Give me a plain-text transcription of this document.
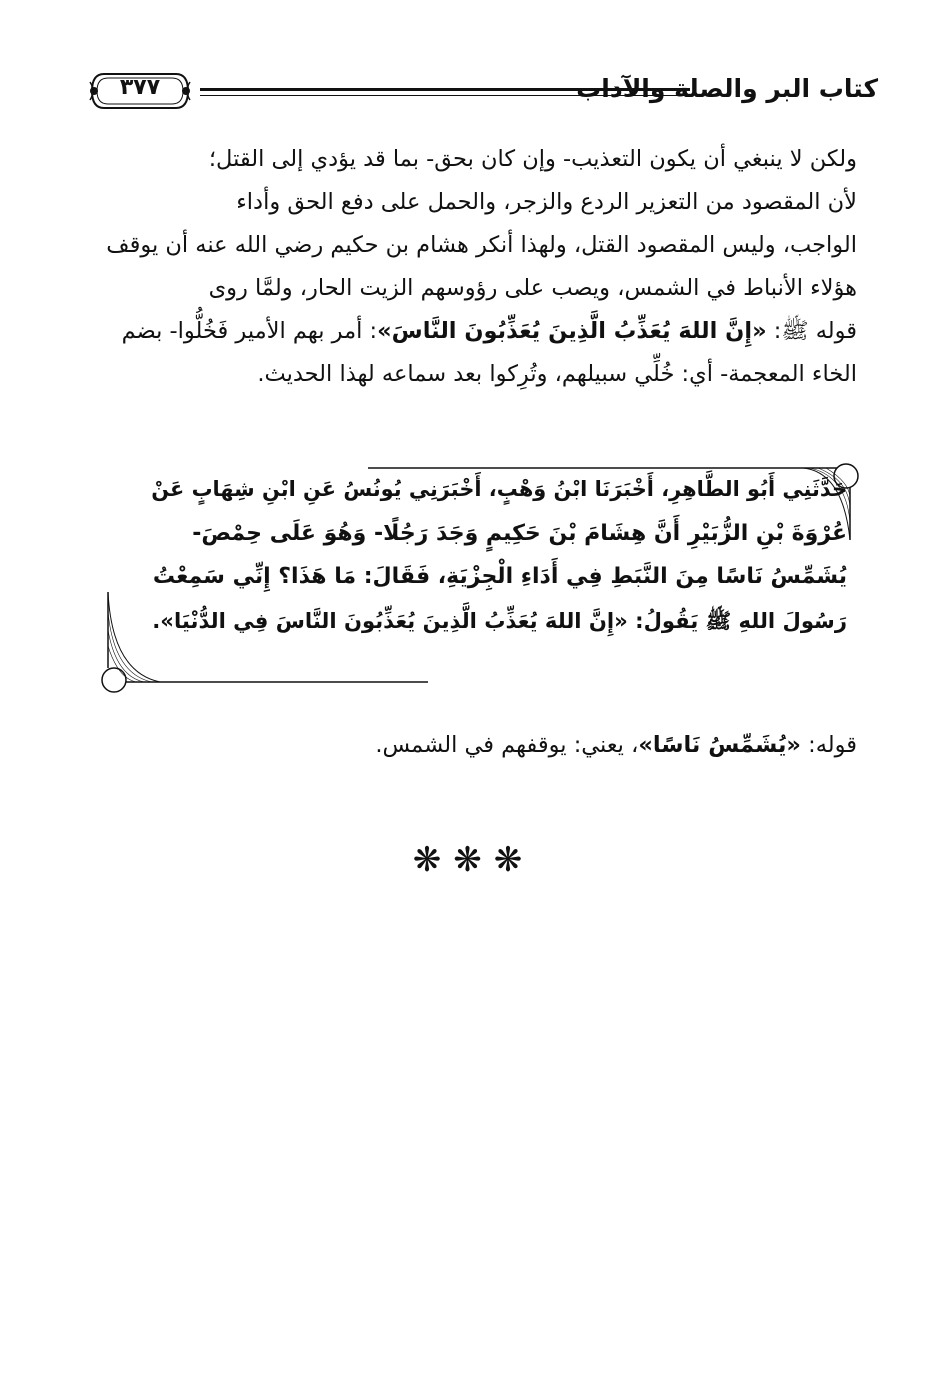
كتاب البر والصلة والآداب
٣٧٧
ولكن لا ينبغي أن يكون التعذيب- وإن كان بحق- بما قد يؤدي إلى القتل؛
لأن المقصود من التعزير الردع والزجر، والحمل على دفع الحق وأداء
الواجب، وليس المقصود القتل، ولهذا أنكر هشام بن حكيم رضي الله عنه أن يوقف
هؤلاء الأنباط في الشمس، ويصب على رؤوسهم الزيت الحار، ولمَّا روى
قوله ﷺ: «إِنَّ اللهَ يُعَذِّبُ الَّذِينَ يُعَذِّبُونَ النَّاسَ»: أمر بهم الأمير فَخُلُّوا- بضم
الخاء المعجمة- أي: خُلِّي سبيلهم، وتُرِكوا بعد سماعه لهذا الحديث.
حَدَّثَنِي أَبُو الطَّاهِرِ، أَخْبَرَنَا ابْنُ وَهْبٍ، أَخْبَرَنِي يُونُسُ عَنِ ابْنِ شِهَابٍ عَنْ
عُرْوَةَ بْنِ الزُّبَيْرِ أَنَّ هِشَامَ بْنَ حَكِيمٍ وَجَدَ رَجُلًا- وَهُوَ عَلَى حِمْصَ-
يُشَمِّسُ نَاسًا مِنَ النَّبَطِ فِي أَدَاءِ الْجِزْيَةِ، فَقَالَ: مَا هَذَا؟ إِنِّي سَمِعْتُ
رَسُولَ اللهِ ﷺ يَقُولُ: «إِنَّ اللهَ يُعَذِّبُ الَّذِينَ يُعَذِّبُونَ النَّاسَ فِي الدُّنْيَا».
قوله: «يُشَمِّسُ نَاسًا»، يعني: يوقفهم في الشمس.
❋❋❋
